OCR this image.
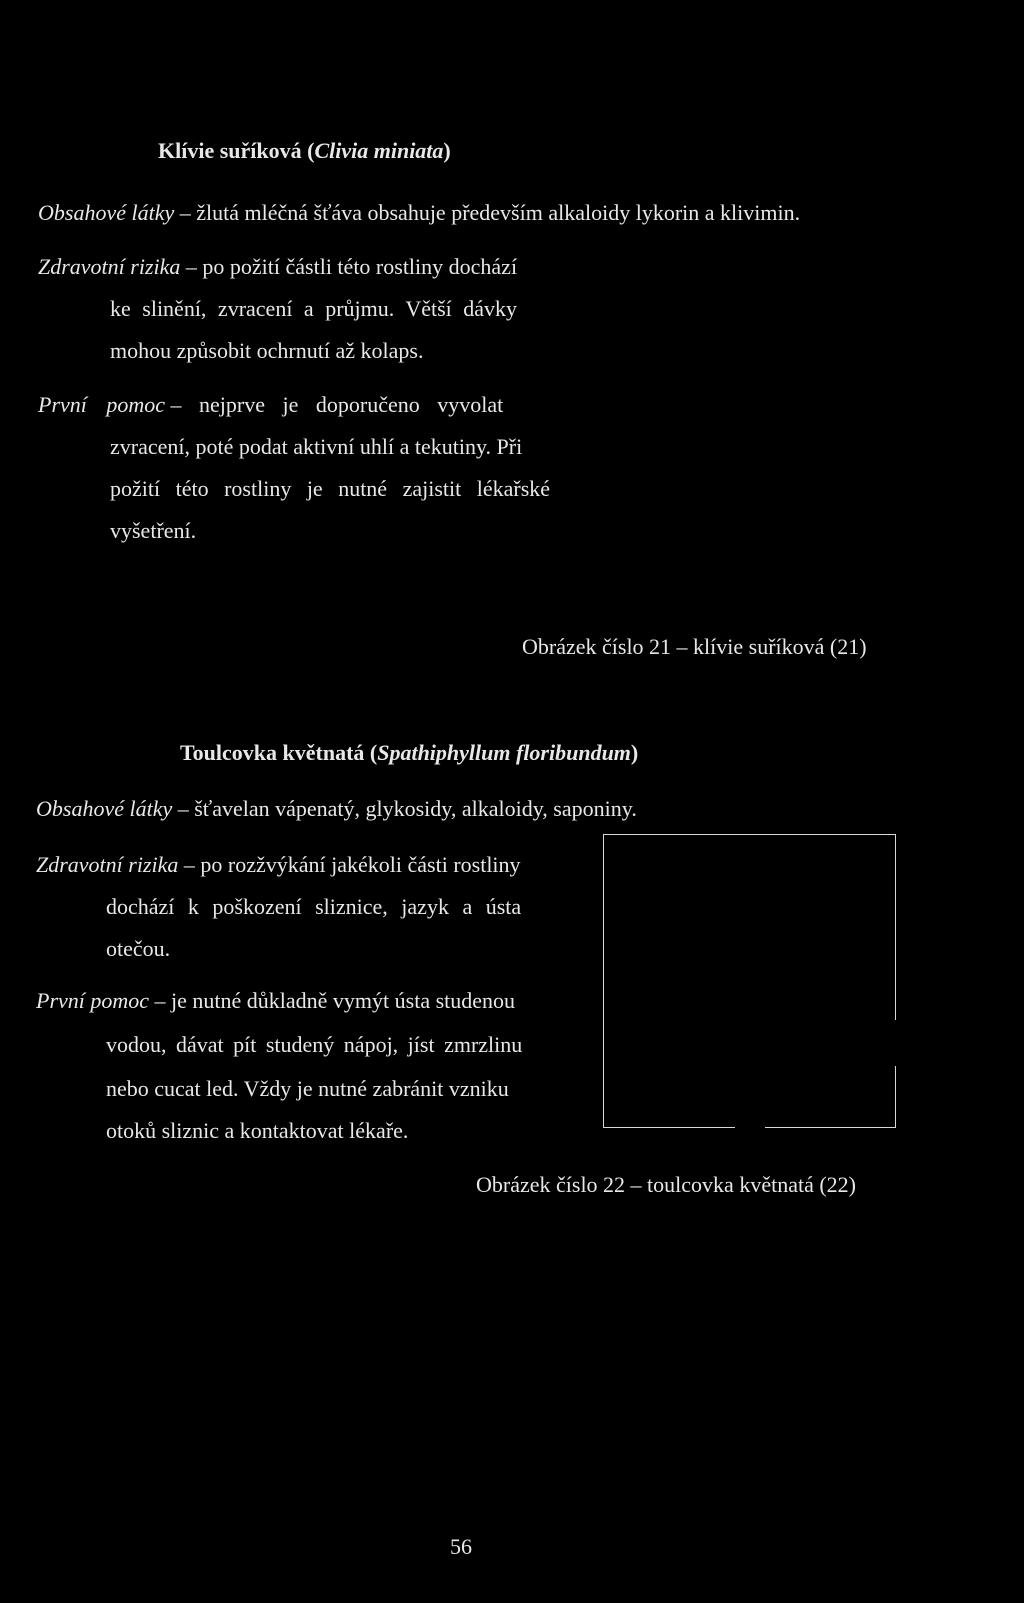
Klívie suříková (Clivia miniata)
Obsahové látky – žlutá mléčná šťáva obsahuje především alkaloidy lykorin a klivimin.
Zdravotní rizika – po požití částli této rostliny dochází
ke slinění, zvracení a průjmu. Větší dávky
mohou způsobit ochrnutí až kolaps.
První pomoc – nejprve je doporučeno vyvolat
zvracení, poté podat aktivní uhlí a tekutiny. Při
požití této rostliny je nutné zajistit lékařské
vyšetření.
Obrázek číslo 21 – klívie suříková (21)
Toulcovka květnatá (Spathiphyllum floribundum)
Obsahové látky – šťavelan vápenatý, glykosidy, alkaloidy, saponiny.
Zdravotní rizika – po rozžvýkání jakékoli části rostliny
dochází k poškození sliznice, jazyk a ústa
otečou.
První pomoc – je nutné důkladně vymýt ústa studenou
vodou, dávat pít studený nápoj, jíst zmrzlinu
nebo cucat led. Vždy je nutné zabránit vzniku
otoků sliznic a kontaktovat lékaře.
Obrázek číslo 22 – toulcovka květnatá (22)
56
